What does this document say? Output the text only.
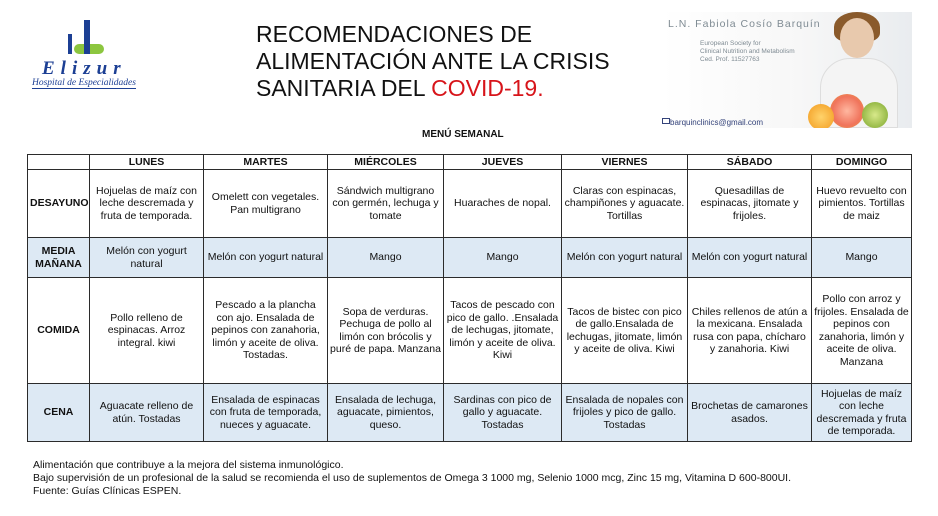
Elizur
Hospital de Especialidades
RECOMENDACIONES DE
ALIMENTACIÓN ANTE LA CRISIS
SANITARIA DEL COVID-19.
L.N. Fabiola Cosío Barquín
European Society for
Clinical Nutrition and Metabolism
Ced. Prof. 11527763
barquinclinics@gmail.com
MENÚ SEMANAL
	LUNES	MARTES	MIÉRCOLES	JUEVES	VIERNES	SÁBADO	DOMINGO
DESAYUNO	Hojuelas de maíz con leche descremada y fruta de temporada.	Omelett con vegetales. Pan multigrano	Sándwich multigrano con germén, lechuga y tomate	Huaraches de nopal.	Claras con espinacas, champiñones y aguacate. Tortillas	Quesadillas de espinacas, jitomate y frijoles.	Huevo revuelto con pimientos. Tortillas de maiz
MEDIA MAÑANA	Melón con yogurt natural	Melón con yogurt natural	Mango	Mango	Melón con yogurt natural	Melón con yogurt natural	Mango
COMIDA	Pollo relleno de espinacas. Arroz integral. kiwi	Pescado a la plancha con ajo. Ensalada de pepinos con zanahoria, limón y aceite de oliva. Tostadas.	Sopa de verduras. Pechuga de pollo al limón con brócolis y puré de papa. Manzana	Tacos de pescado con pico de gallo. .Ensalada de lechugas, jitomate, limón y aceite de oliva. Kiwi	Tacos de bistec con pico de gallo.Ensalada de lechugas, jitomate, limón y aceite de oliva. Kiwi	Chiles rellenos de atún a la mexicana. Ensalada rusa con papa, chícharo y zanahoria. Kiwi	Pollo con arroz y frijoles. Ensalada de pepinos con zanahoria, limón y aceite de oliva. Manzana
CENA	Aguacate relleno de atún. Tostadas	Ensalada de espinacas con fruta de temporada, nueces y aguacate.	Ensalada de lechuga, aguacate, pimientos, queso.	Sardinas con pico de gallo y aguacate. Tostadas	Ensalada de nopales con frijoles y pico de gallo. Tostadas	Brochetas de camarones asados.	Hojuelas de maíz con leche descremada y fruta de temporada.
Alimentación que contribuye a la mejora del sistema inmunológico.
Bajo supervisión de un profesional de la salud se recomienda el uso de suplementos de Omega 3 1000 mg, Selenio 1000 mcg, Zinc 15 mg, Vitamina D 600-800UI.
Fuente: Guías Clínicas ESPEN.
